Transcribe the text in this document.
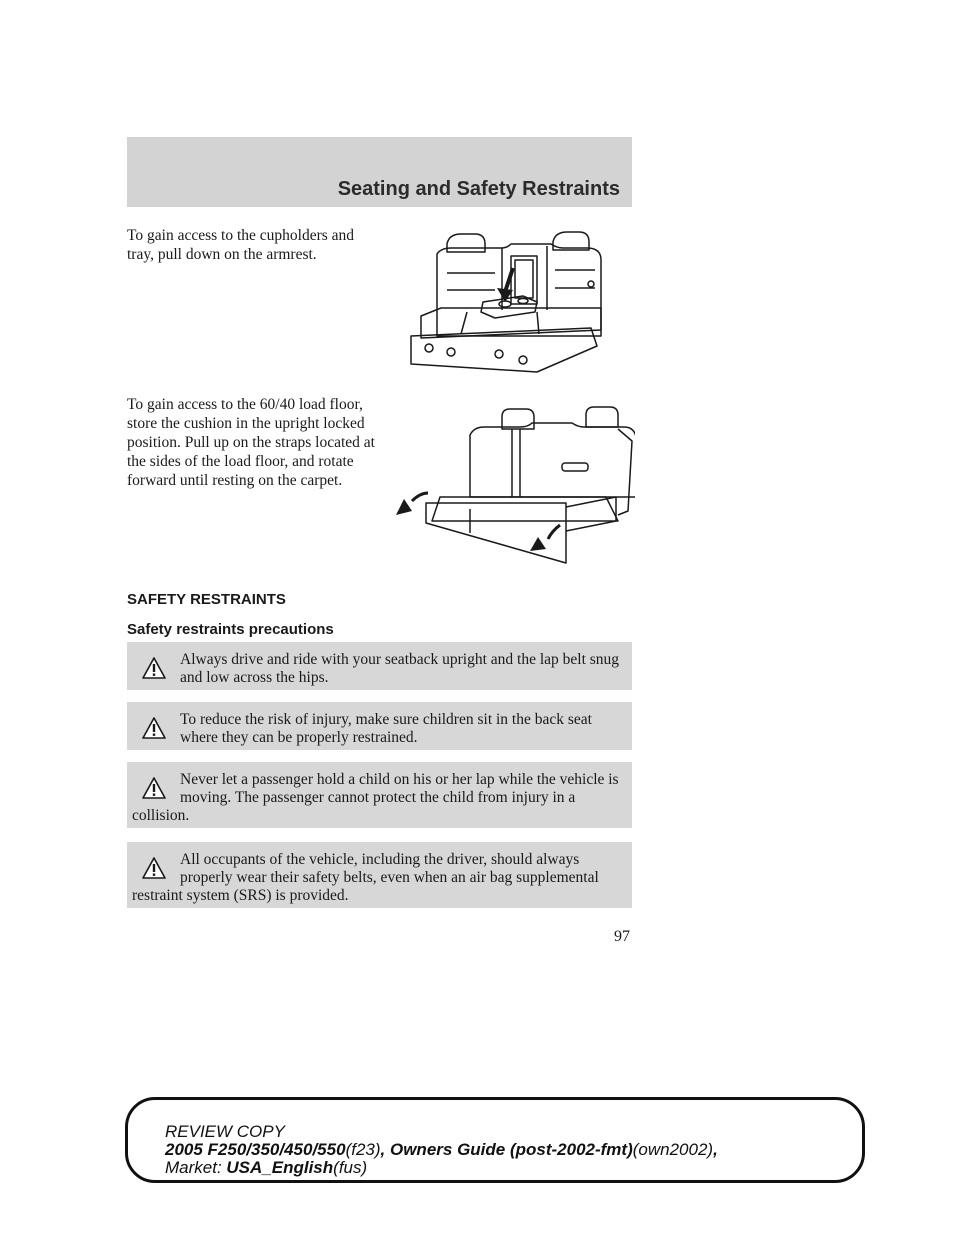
Seating and Safety Restraints

To gain access to the cupholders and tray, pull down on the armrest.

To gain access to the 60/40 load floor, store the cushion in the upright locked position. Pull up on the straps located at the sides of the load floor, and rotate forward until resting on the carpet.

SAFETY RESTRAINTS
Safety restraints precautions

Always drive and ride with your seatback upright and the lap belt snug and low across the hips.

To reduce the risk of injury, make sure children sit in the back seat where they can be properly restrained.

Never let a passenger hold a child on his or her lap while the vehicle is moving. The passenger cannot protect the child from injury in a collision.

All occupants of the vehicle, including the driver, should always properly wear their safety belts, even when an air bag supplemental restraint system (SRS) is provided.

97
REVIEW COPY
2005 F250/350/450/550(f23), Owners Guide (post-2002-fmt)(own2002),
Market: USA_English(fus)
